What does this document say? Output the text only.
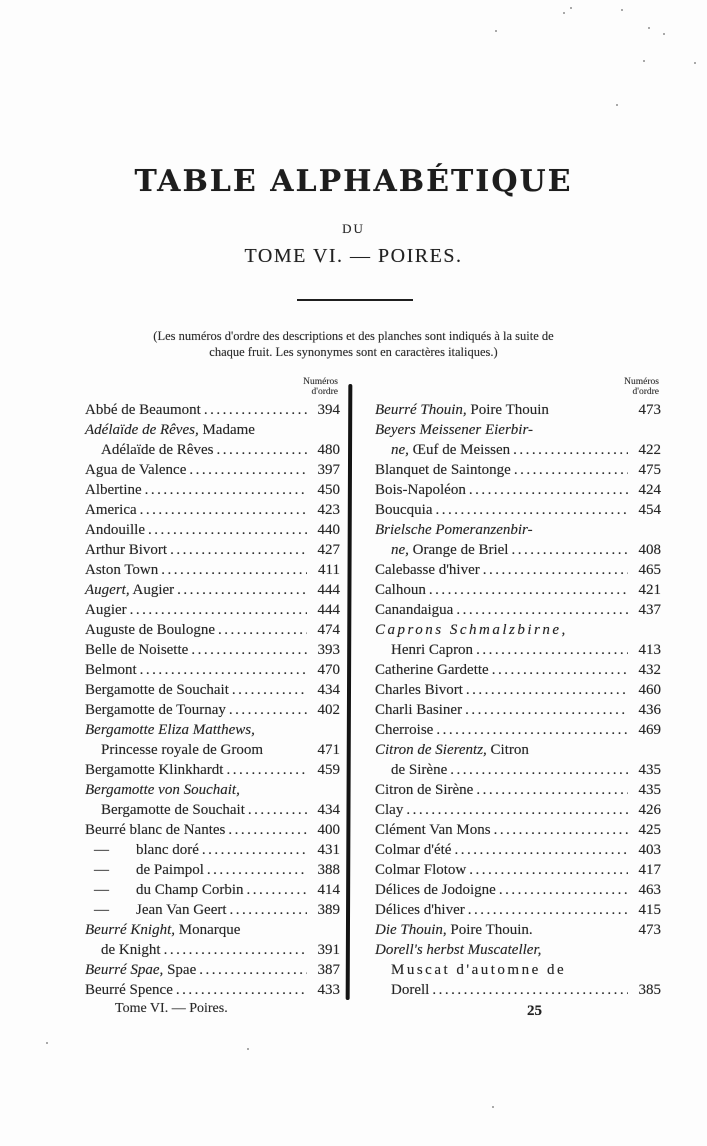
TABLE ALPHABÉTIQUE
DU
TOME VI. — POIRES.
(Les numéros d'ordre des descriptions et des planches sont indiqués à la suite de
chaque fruit. Les synonymes sont en caractères italiques.)
Numéros
d'ordre
Abbé de Beaumont .....	394
Adélaïde de Rêves, Madame
Adélaïde de Rêves .....	480
Agua de Valence .....	397
Albertine .....	450
America .....	423
Andouille .....	440
Arthur Bivort .....	427
Aston Town .....	411
Augert, Augier .....	444
Augier .....	444
Auguste de Boulogne .....	474
Belle de Noisette .....	393
Belmont .....	470
Bergamotte de Souchait .....	434
Bergamotte de Tournay .....	402
Bergamotte Eliza Matthews,
Princesse royale de Groom	471
Bergamotte Klinkhardt .....	459
Bergamotte von Souchait,
Bergamotte de Souchait .....	434
Beurré blanc de Nantes .....	400
— blanc doré .....	431
— de Paimpol .....	388
— du Champ Corbin .....	414
— Jean Van Geert .....	389
Beurré Knight, Monarque
de Knight .....	391
Beurré Spae, Spae .....	387
Beurré Spence .....	433
Numéros
d'ordre
Beurré Thouin, Poire Thouin	473
Beyers Meissener Eierbir-
ne, Œuf de Meissen .....	422
Blanquet de Saintonge .....	475
Bois-Napoléon .....	424
Boucquia .....	454
Brielsche Pomeranzenbir-
ne, Orange de Briel .....	408
Calebasse d'hiver .....	465
Calhoun .....	421
Canandaigua .....	437
Caprons Schmalzbirne,
Henri Capron .....	413
Catherine Gardette .....	432
Charles Bivort .....	460
Charli Basiner .....	436
Cherroise .....	469
Citron de Sierentz, Citron
de Sirène .....	435
Citron de Sirène .....	435
Clay .....	426
Clément Van Mons .....	425
Colmar d'été .....	403
Colmar Flotow .....	417
Délices de Jodoigne .....	463
Délices d'hiver .....	415
Die Thouin, Poire Thouin.	473
Dorell's herbst Muscateller,
Muscat d'automne de
Dorell .....	385
Tome VI. — Poires.	25
